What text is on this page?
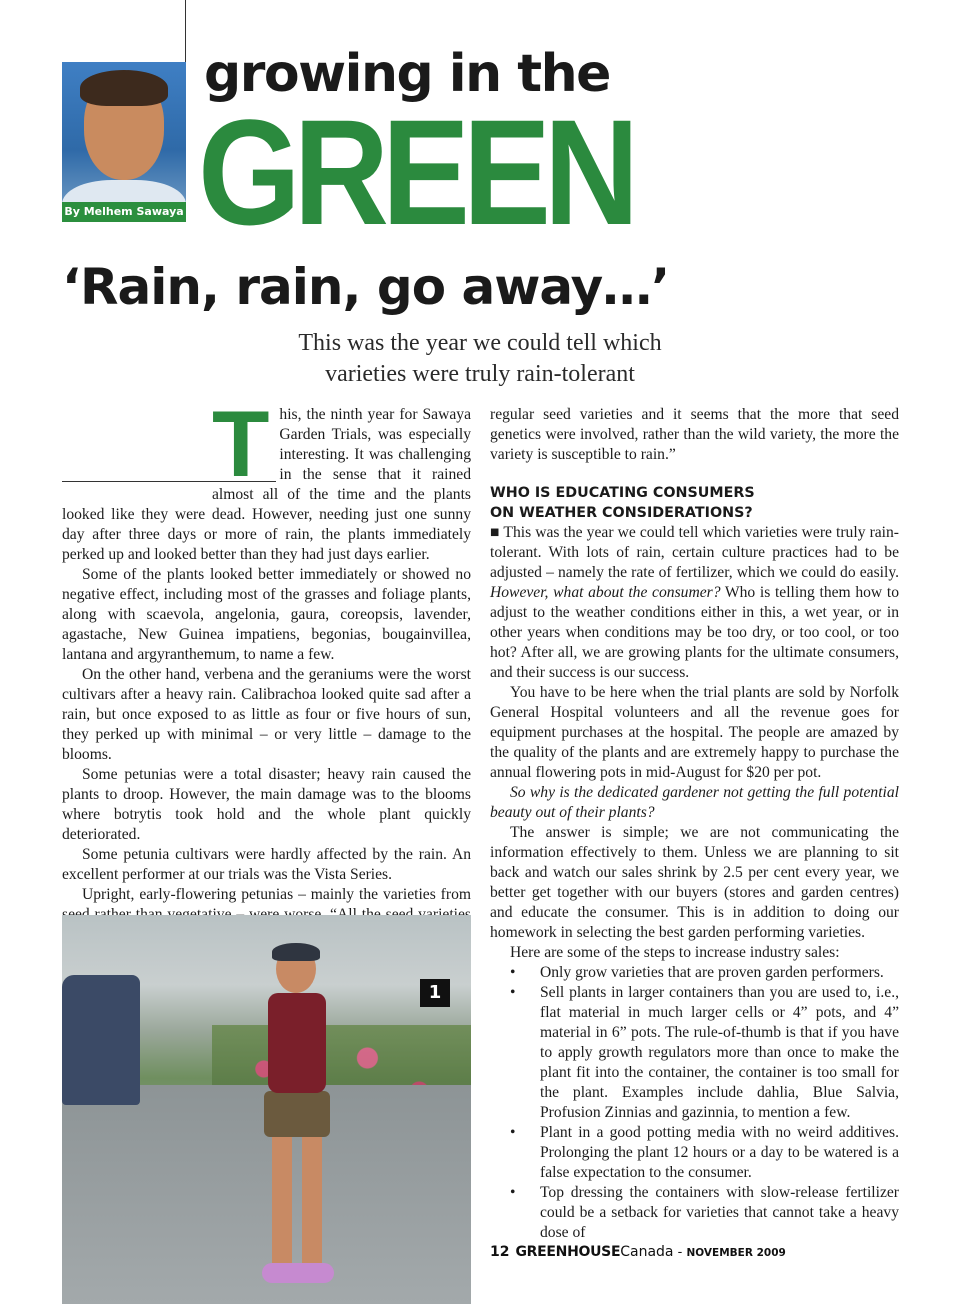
By Melhem Sawaya
growing in the
GREEN
‘Rain, rain, go away…’
This was the year we could tell which varieties were truly rain-tolerant

This, the ninth year for Sawaya Garden Trials, was especially interesting. It was challenging in the sense that it rained almost all of the time and the plants looked like they were dead. However, needing just one sunny day after three days or more of rain, the plants immediately perked up and looked better than they had just days earlier.

Some of the plants looked better immediately or showed no negative effect, including most of the grasses and foliage plants, along with scaevola, angelonia, gaura, coreopsis, lavender, agastache, New Guinea impatiens, begonias, bougainvillea, lantana and argyranthemum, to name a few.

On the other hand, verbena and the geraniums were the worst cultivars after a heavy rain. Calibrachoa looked quite sad after a rain, but once exposed to as little as four or five hours of sun, they perked up with minimal – or very little – damage to the blooms.

Some petunias were a total disaster; heavy rain caused the plants to droop. However, the main damage was to the blooms where botrytis took hold and the whole plant quickly deteriorated.

Some petunia cultivars were hardly affected by the rain. An excellent performer at our trials was the Vista Series.

Upright, early-flowering petunias – mainly the varieties from

regular seed varieties and it seems that the more that seed genetics were involved, rather than the wild variety, the more the variety is susceptible to rain.”

WHO IS EDUCATING CONSUMERS
ON WEATHER CONSIDERATIONS?

■ This was the year we could tell which varieties were truly rain-tolerant. With lots of rain, certain culture practices had to be adjusted – namely the rate of fertilizer, which we could do easily. However, what about the consumer? Who is telling them how to adjust to the weather conditions either in this, a wet year, or in other years when conditions may be too dry, or too cool, or too hot? After all, we are growing plants for the ultimate consumers, and their success is our success.

You have to be here when the trial plants are sold by Norfolk General Hospital volunteers and all the revenue goes for equipment purchases at the hospital. The people are amazed by the quality of the plants and are extremely happy to purchase the annual flowering pots in mid-August for $20 per pot.

So why is the dedicated gardener not getting the full potential beauty out of their plants?

The answer is simple; we are not communicating the information effectively to them. Unless we are planning to sit back and watch our sales shrink by 2.5 per cent every year, we better get together with our buyers (stores and garden centres) and educate the consumer. This is in addition to doing our homework in selecting the best garden performing varieties.

Here are some of the steps to increase industry sales:

• Only grow varieties that are proven garden performers.
• Sell plants in larger containers than you are used to, i.e., flat material in much larger cells or 4” pots, and 4” material in 6” pots. The rule-of-thumb is that if you have to apply growth regulators more than once to make the plant fit into the container, the container is too small for the plant. Examples include dahlia, Blue Salvia, Profusion Zinnias and gazinnia, to mention a few.
• Plant in a good potting media with no weird additives. Prolonging the plant 12 hours or a day to be watered is a false expectation to the consumer.
• Top dressing the containers with slow-release fertilizer could be a setback for varieties that cannot take a heavy dose of
1
12 GREENHOUSECanada - NOVEMBER 2009
